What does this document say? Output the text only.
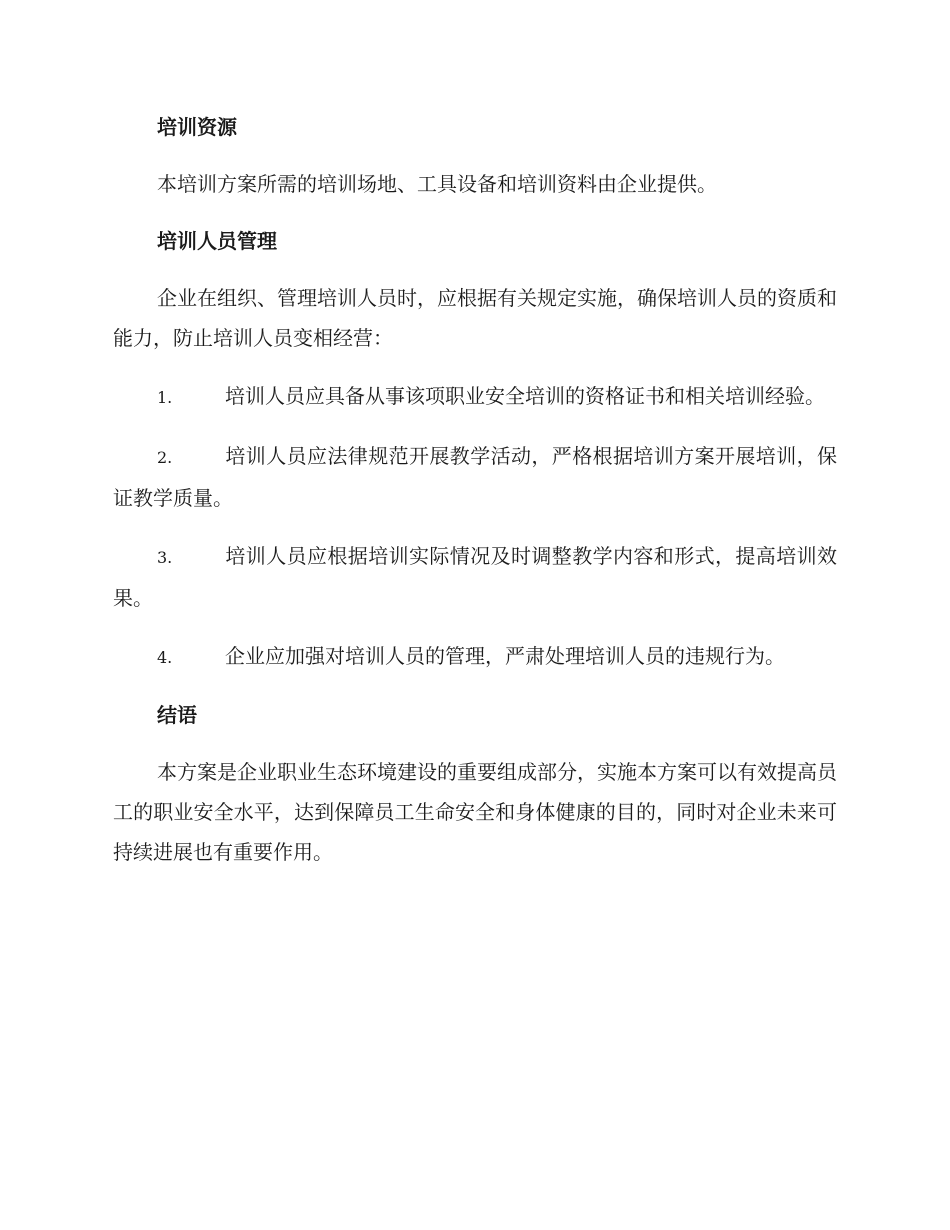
培训资源

本培训方案所需的培训场地、工具设备和培训资料由企业提供。

培训人员管理

企业在组织、管理培训人员时，应根据有关规定实施，确保培训人员的资质和能力，防止培训人员变相经营：

1.	培训人员应具备从事该项职业安全培训的资格证书和相关培训经验。

2.	培训人员应法律规范开展教学活动，严格根据培训方案开展培训，保证教学质量。

3.	培训人员应根据培训实际情况及时调整教学内容和形式，提高培训效果。

4.	企业应加强对培训人员的管理，严肃处理培训人员的违规行为。

结语

本方案是企业职业生态环境建设的重要组成部分，实施本方案可以有效提高员工的职业安全水平，达到保障员工生命安全和身体健康的目的，同时对企业未来可持续进展也有重要作用。
